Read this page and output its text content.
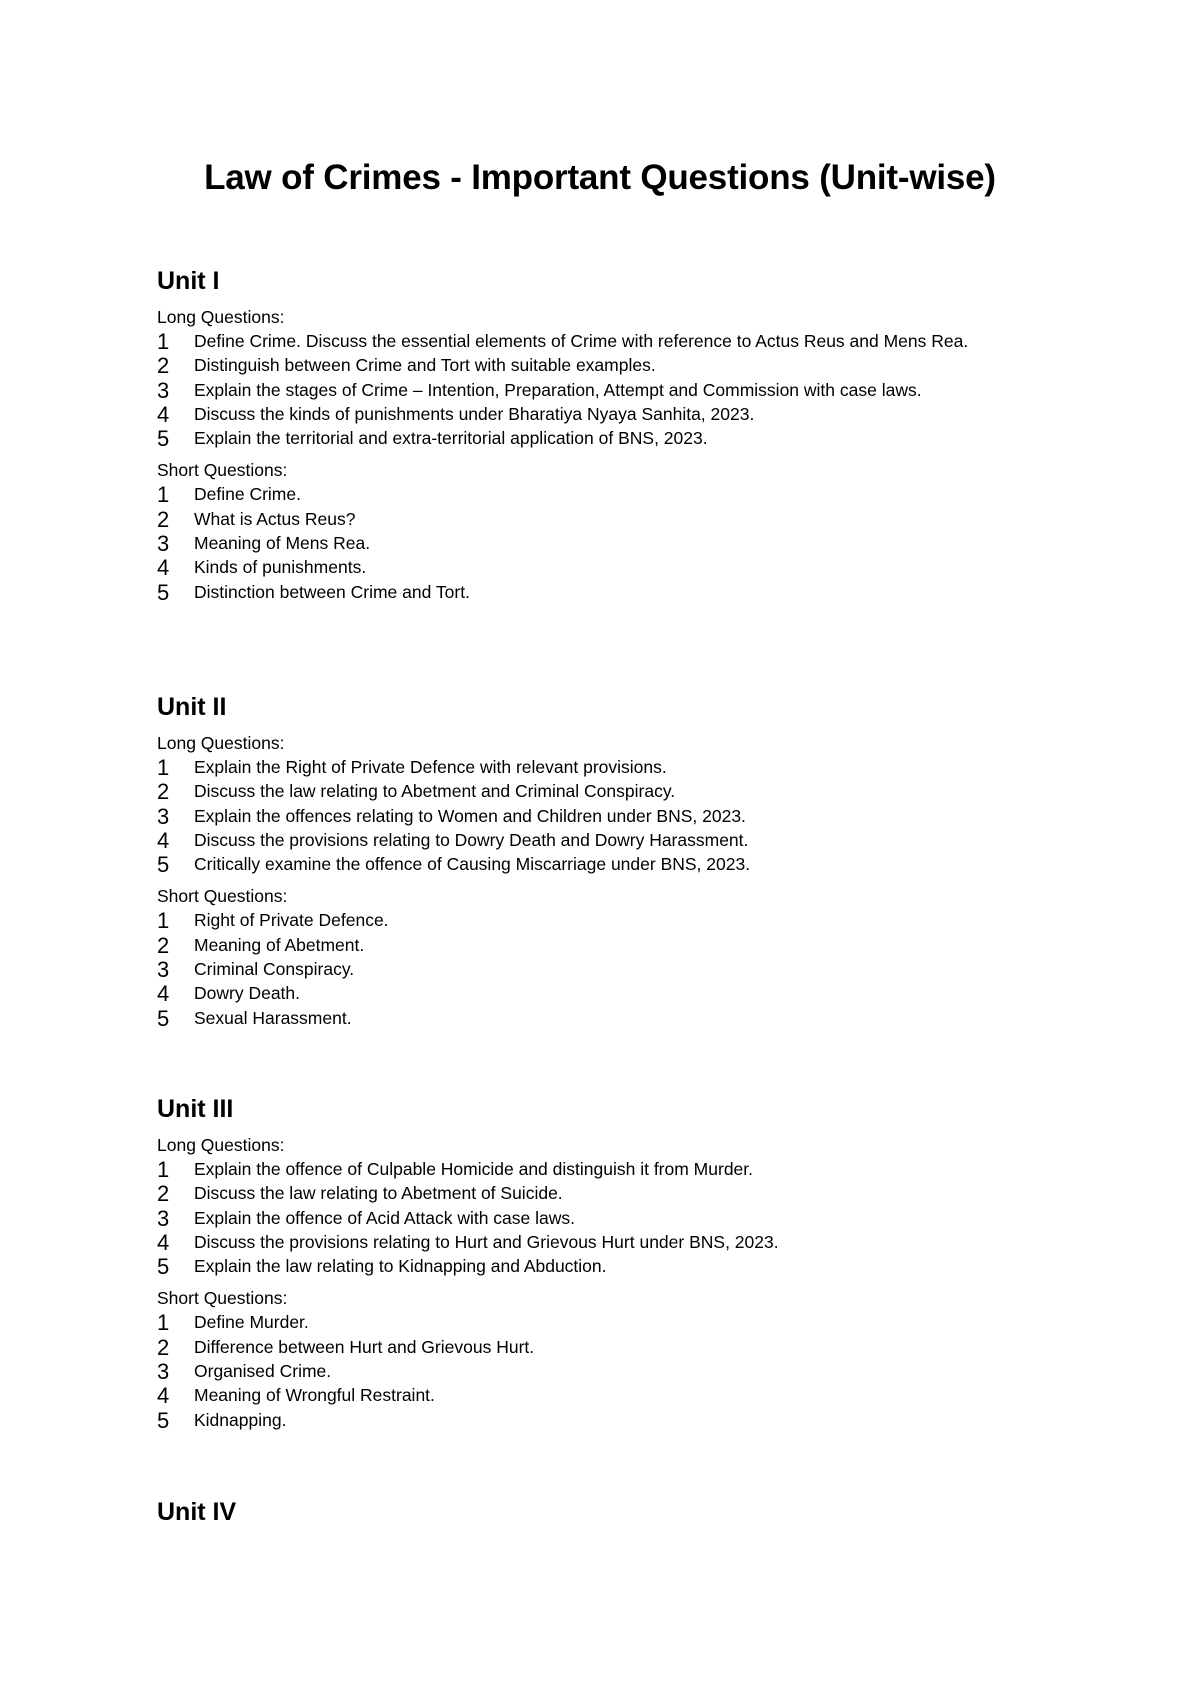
Law of Crimes - Important Questions (Unit-wise)
Unit I

Long Questions:

1 Define Crime. Discuss the essential elements of Crime with reference to Actus Reus and Mens Rea.
2 Distinguish between Crime and Tort with suitable examples.
3 Explain the stages of Crime – Intention, Preparation, Attempt and Commission with case laws.
4 Discuss the kinds of punishments under Bharatiya Nyaya Sanhita, 2023.
5 Explain the territorial and extra-territorial application of BNS, 2023.

Short Questions:

1 Define Crime.
2 What is Actus Reus?
3 Meaning of Mens Rea.
4 Kinds of punishments.
5 Distinction between Crime and Tort.
Unit II

Long Questions:

1 Explain the Right of Private Defence with relevant provisions.
2 Discuss the law relating to Abetment and Criminal Conspiracy.
3 Explain the offences relating to Women and Children under BNS, 2023.
4 Discuss the provisions relating to Dowry Death and Dowry Harassment.
5 Critically examine the offence of Causing Miscarriage under BNS, 2023.

Short Questions:

1 Right of Private Defence.
2 Meaning of Abetment.
3 Criminal Conspiracy.
4 Dowry Death.
5 Sexual Harassment.
Unit III

Long Questions:

1 Explain the offence of Culpable Homicide and distinguish it from Murder.
2 Discuss the law relating to Abetment of Suicide.
3 Explain the offence of Acid Attack with case laws.
4 Discuss the provisions relating to Hurt and Grievous Hurt under BNS, 2023.
5 Explain the law relating to Kidnapping and Abduction.

Short Questions:

1 Define Murder.
2 Difference between Hurt and Grievous Hurt.
3 Organised Crime.
4 Meaning of Wrongful Restraint.
5 Kidnapping.
Unit IV
